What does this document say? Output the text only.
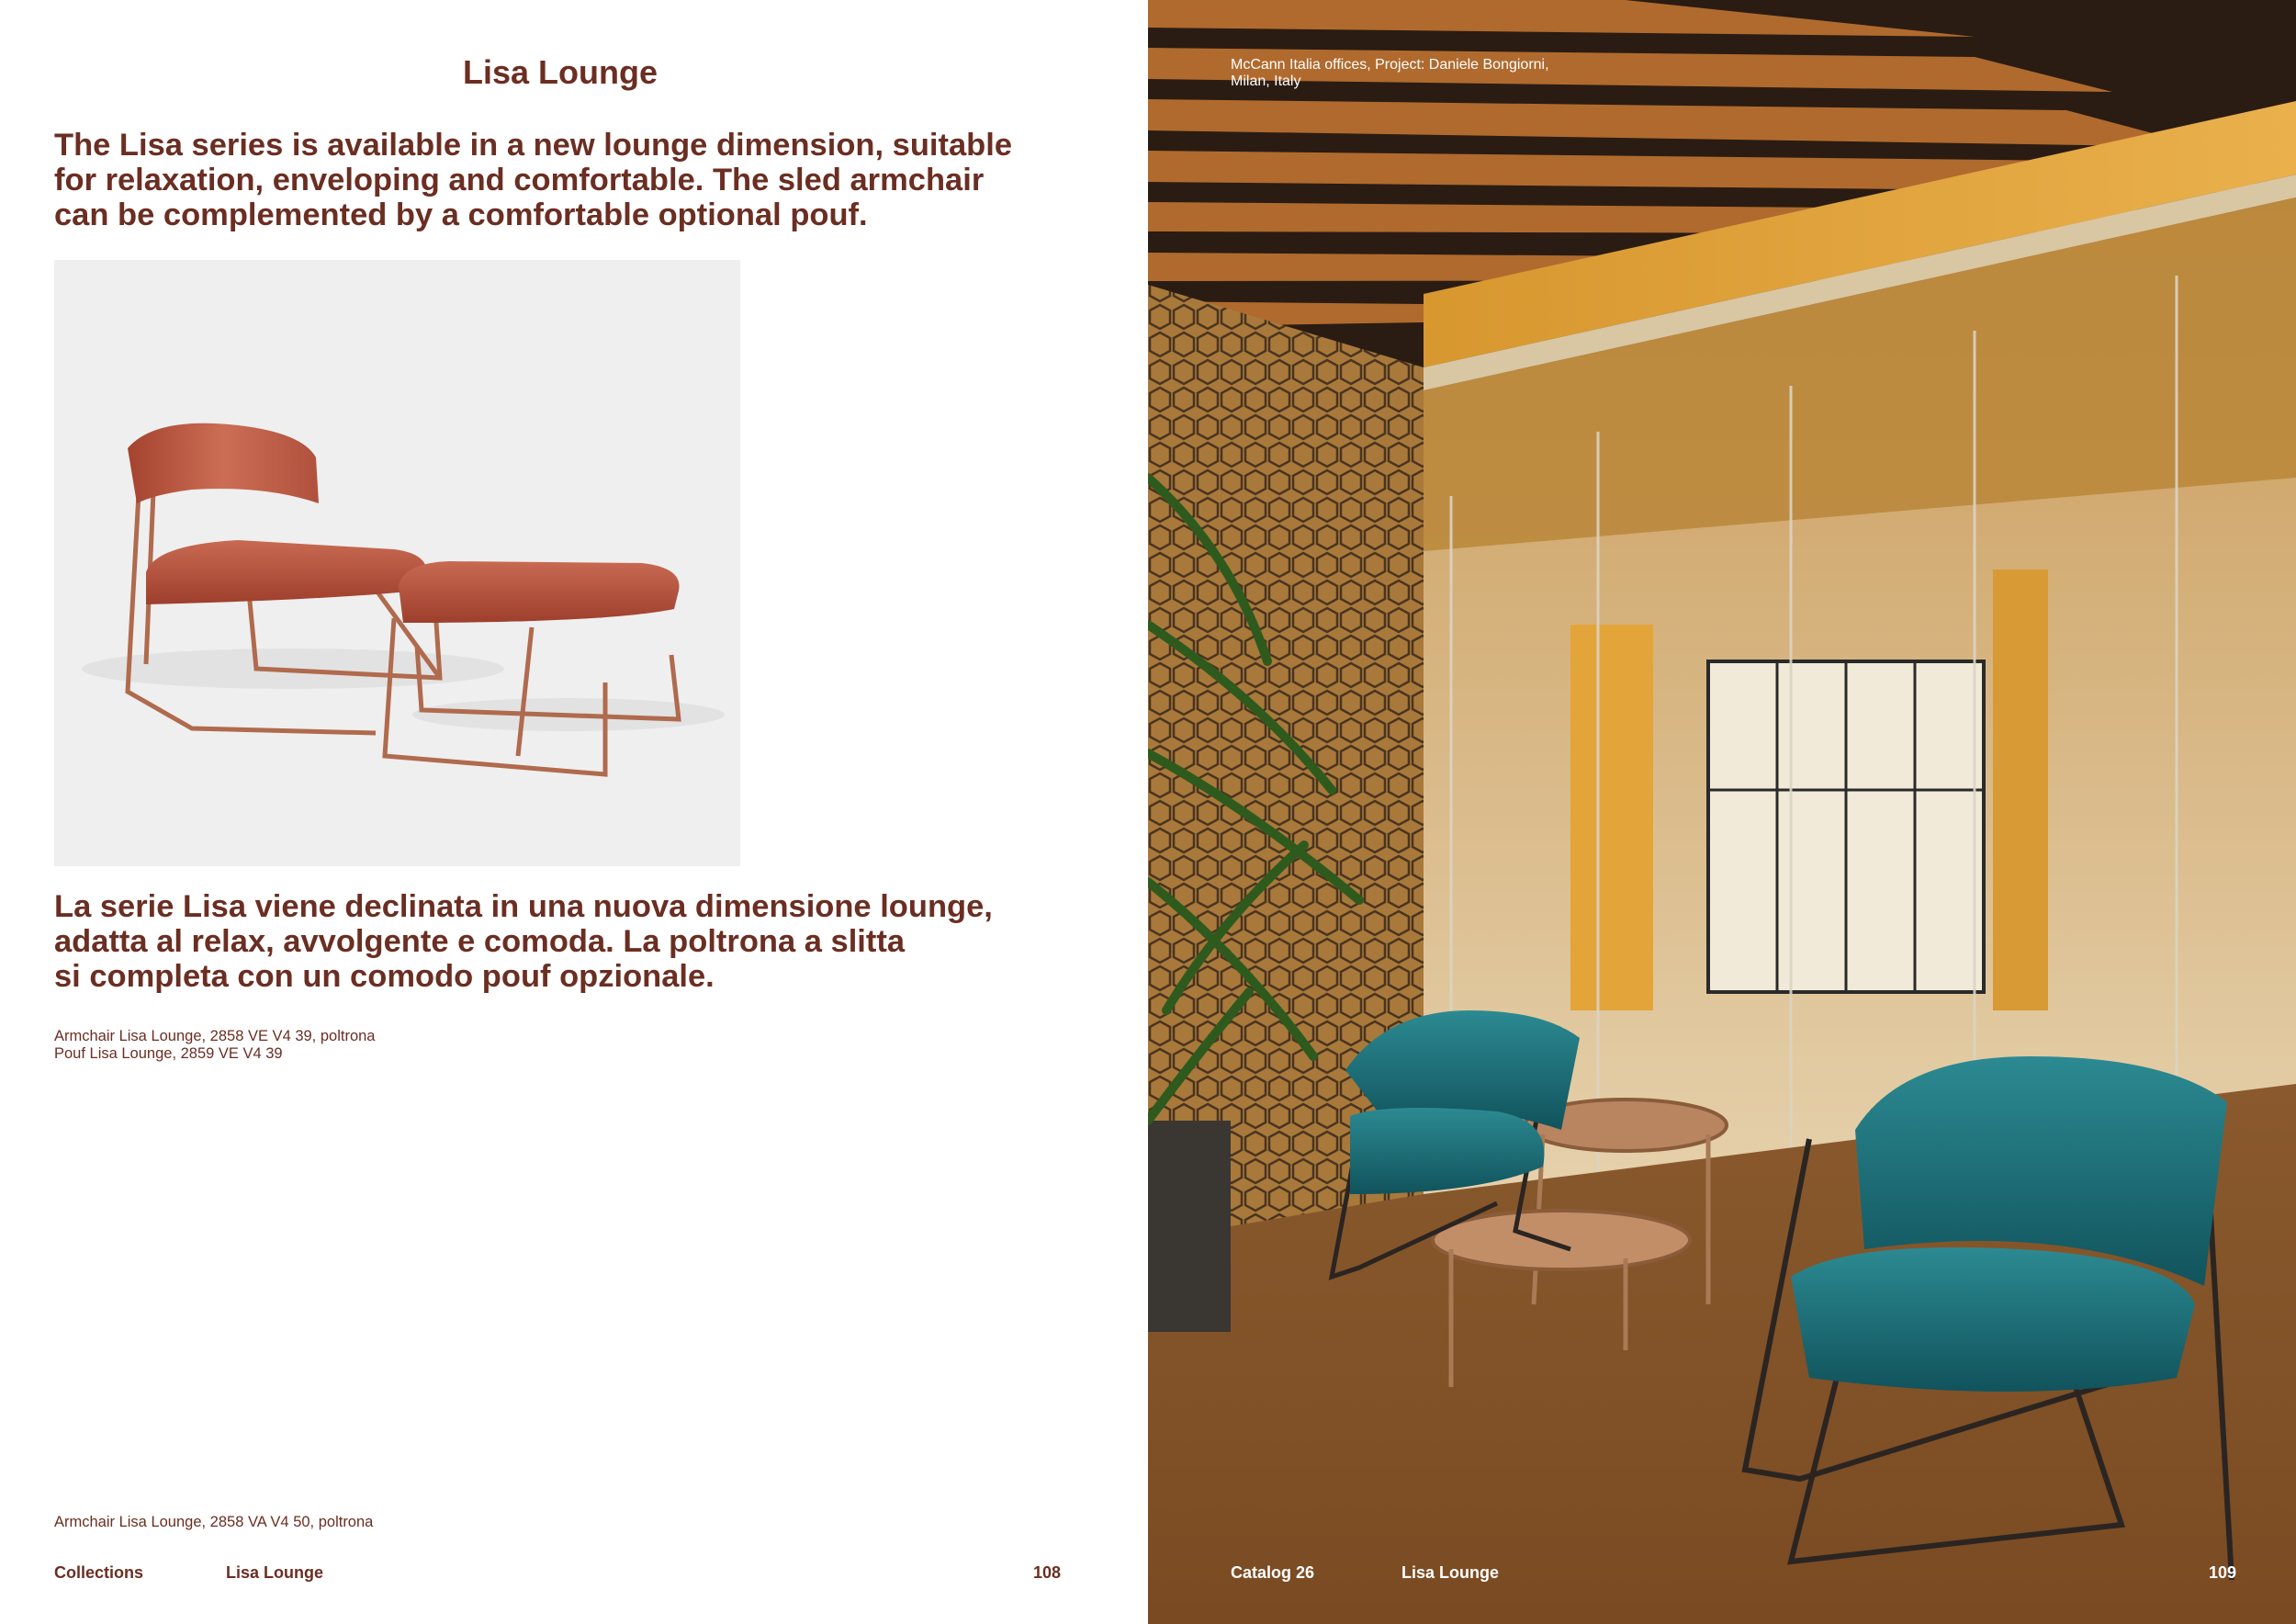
Lisa Lounge

The Lisa series is available in a new lounge dimension, suitable
for relaxation, enveloping and comfortable. The sled armchair
can be complemented by a comfortable optional pouf.

La serie Lisa viene declinata in una nuova dimensione lounge,
adatta al relax, avvolgente e comoda. La poltrona a slitta
si completa con un comodo pouf opzionale.

Armchair Lisa Lounge, 2858 VE V4 39, poltrona
Pouf Lisa Lounge, 2859 VE V4 39
Armchair Lisa Lounge, 2858 VA V4 50, poltrona
Collections	Lisa Lounge	108
McCann Italia offices, Project: Daniele Bongiorni,
Milan, Italy
Catalog 26	Lisa Lounge	109
